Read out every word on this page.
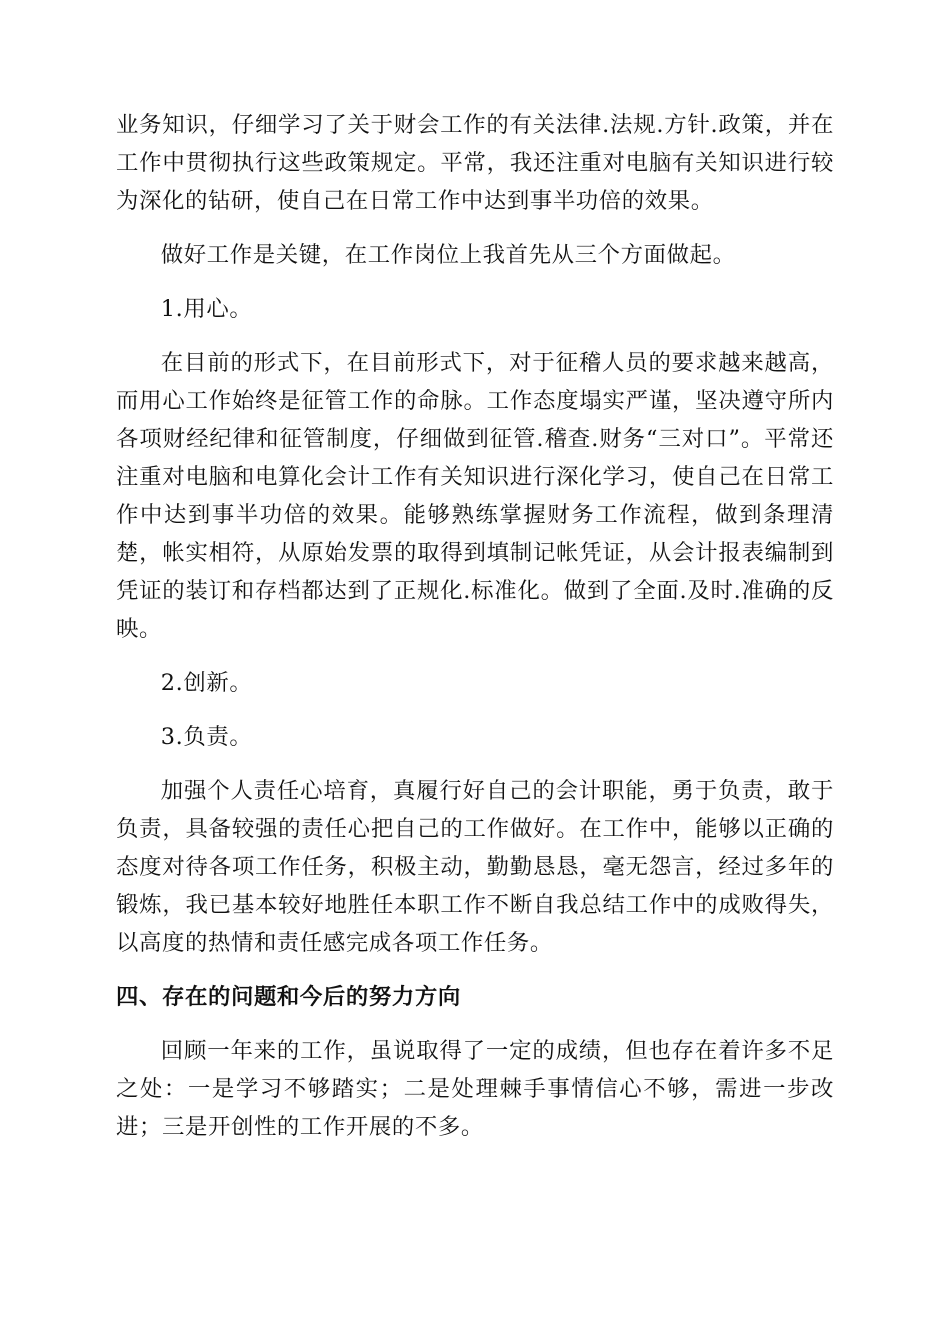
业务知识，仔细学习了关于财会工作的有关法律.法规.方针.政策，并在工作中贯彻执行这些政策规定。平常，我还注重对电脑有关知识进行较为深化的钻研，使自己在日常工作中达到事半功倍的效果。

做好工作是关键，在工作岗位上我首先从三个方面做起。

1.用心。

在目前的形式下，在目前形式下，对于征稽人员的要求越来越高，而用心工作始终是征管工作的命脉。工作态度塌实严谨，坚决遵守所内各项财经纪律和征管制度，仔细做到征管.稽查.财务“三对口”。平常还注重对电脑和电算化会计工作有关知识进行深化学习，使自己在日常工作中达到事半功倍的效果。能够熟练掌握财务工作流程，做到条理清楚，帐实相符，从原始发票的取得到填制记帐凭证，从会计报表编制到凭证的装订和存档都达到了正规化.标准化。做到了全面.及时.准确的反映。

2.创新。

3.负责。

加强个人责任心培育，真履行好自己的会计职能，勇于负责，敢于负责，具备较强的责任心把自己的工作做好。在工作中，能够以正确的态度对待各项工作任务，积极主动，勤勤恳恳，毫无怨言，经过多年的锻炼，我已基本较好地胜任本职工作不断自我总结工作中的成败得失，以高度的热情和责任感完成各项工作任务。

四、存在的问题和今后的努力方向

回顾一年来的工作，虽说取得了一定的成绩，但也存在着许多不足之处：一是学习不够踏实；二是处理棘手事情信心不够，需进一步改进；三是开创性的工作开展的不多。
